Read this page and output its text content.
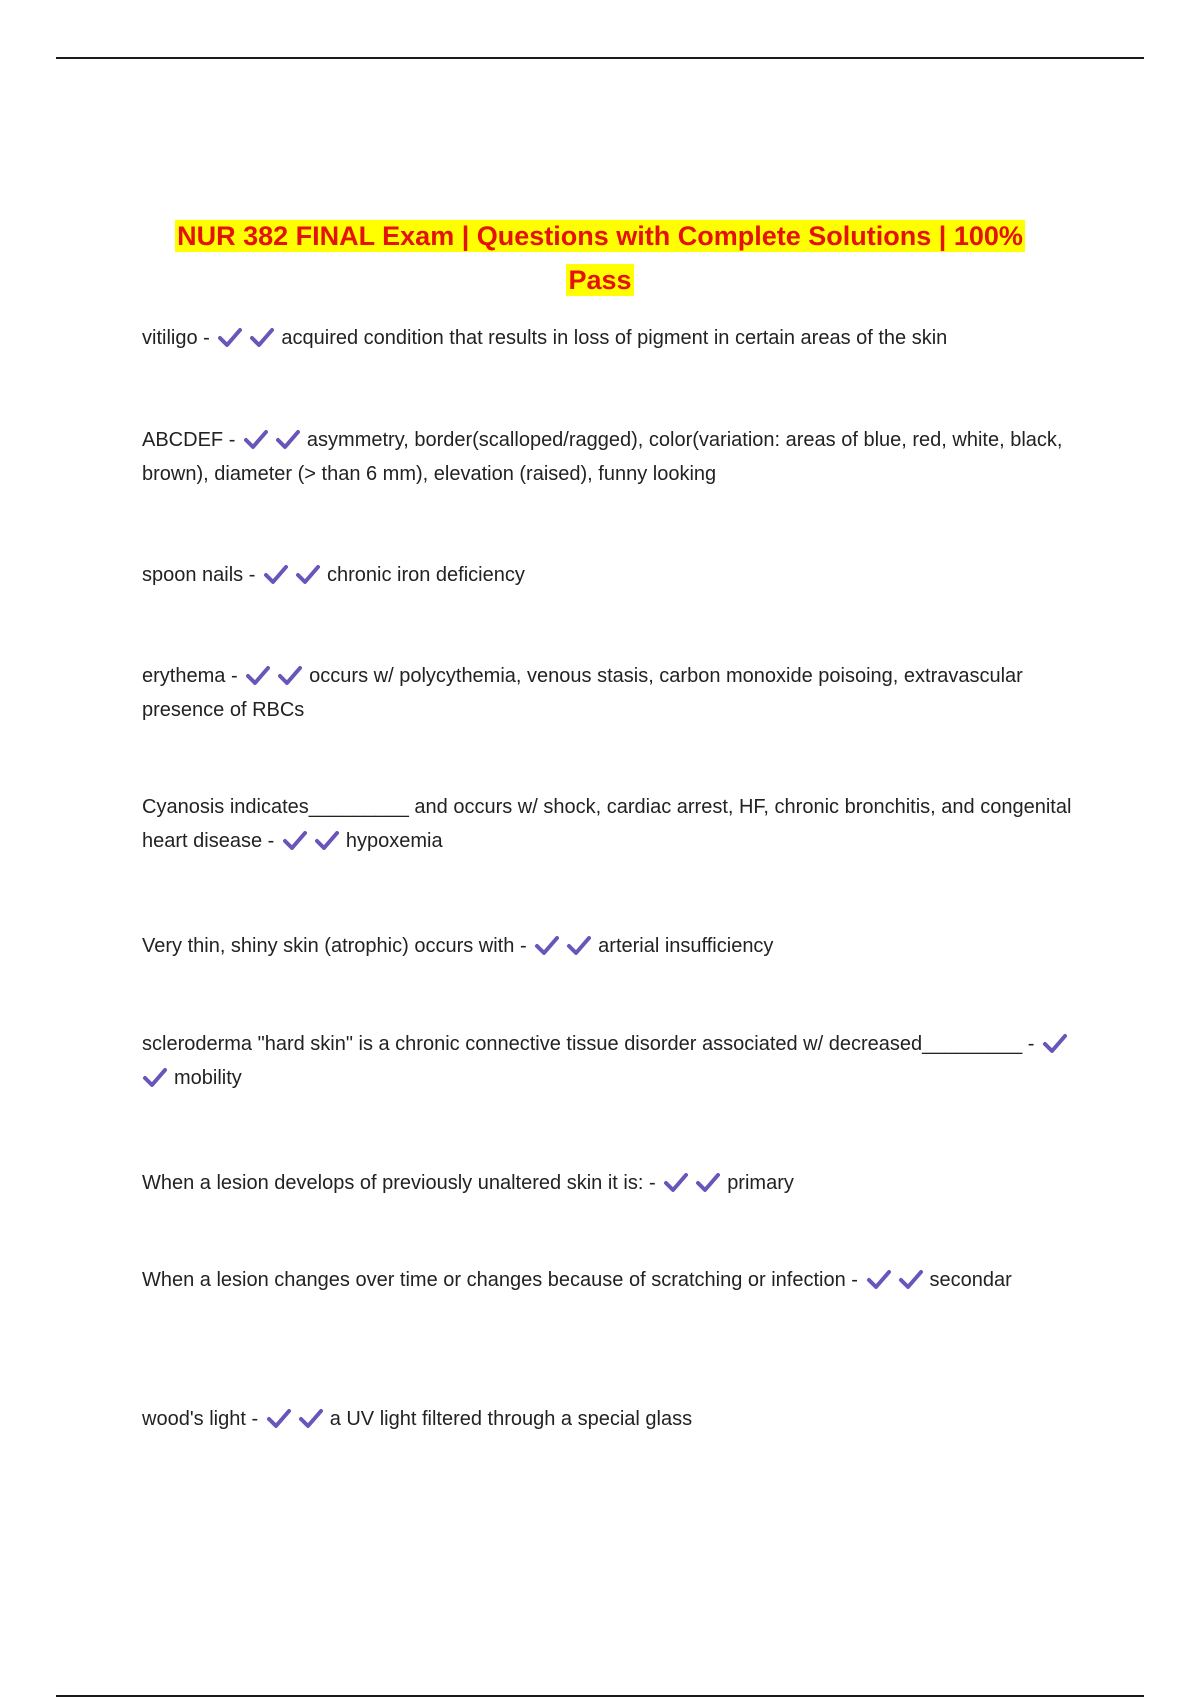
NUR 382 FINAL Exam | Questions with Complete Solutions | 100%
Pass
vitiligo -	acquired condition that results in loss of pigment in certain areas of the skin
ABCDEF -	asymmetry, border(scalloped/ragged), color(variation: areas of blue, red, white, black, brown), diameter (> than 6 mm), elevation (raised), funny looking
spoon nails -	chronic iron deficiency
erythema -	occurs w/ polycythemia, venous stasis, carbon monoxide poisoing, extravascular presence of RBCs
Cyanosis indicates_________ and occurs w/ shock, cardiac arrest, HF, chronic bronchitis, and congenital heart disease -	hypoxemia
Very thin, shiny skin (atrophic) occurs with -	arterial insufficiency
scleroderma "hard skin" is a chronic connective tissue disorder associated w/ decreased_________ - mobility
When a lesion develops of previously unaltered skin it is: -	primary
When a lesion changes over time or changes because of scratching or infection -	secondar
wood's light -	a UV light filtered through a special glass
